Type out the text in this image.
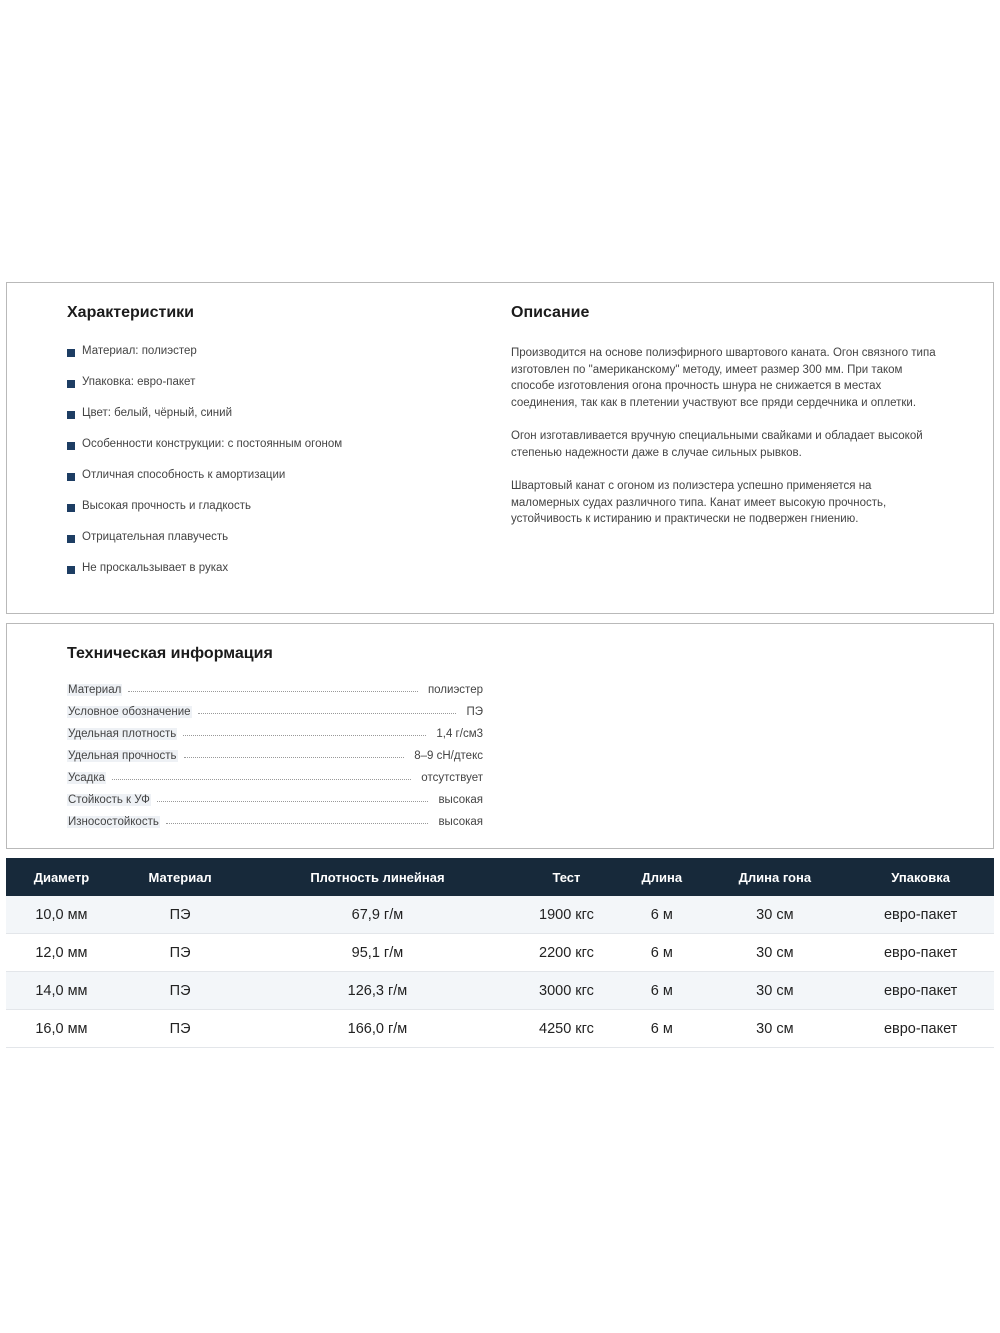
Характеристики
Материал: полиэстер
Упаковка: евро-пакет
Цвет: белый, чёрный, синий
Особенности конструкции: с постоянным огоном
Отличная способность к амортизации
Высокая прочность и гладкость
Отрицательная плавучесть
Не проскальзывает в руках
Описание

Производится на основе полиэфирного швартового каната. Огон связного типа изготовлен по "американскому" методу, имеет размер 300 мм. При таком способе изготовления огона прочность шнура не снижается в местах соединения, так как в плетении участвуют все пряди сердечника и оплетки.

Огон изготавливается вручную специальными свайками и обладает высокой степенью надежности даже в случае сильных рывков.

Швартовый канат с огоном из полиэстера успешно применяется на маломерных судах различного типа. Канат имеет высокую прочность, устойчивость к истиранию и практически не подвержен гниению.

Техническая информация
Материал	полиэстер
Условное обозначение	ПЭ
Удельная плотность	1,4 г/см3
Удельная прочность	8–9 сН/дтекс
Усадка	отсутствует
Стойкость к УФ	высокая
Износостойкость	высокая
Диаметр	Материал	Плотность линейная	Тест	Длина	Длина гона	Упаковка
10,0 мм	ПЭ	67,9 г/м	1900 кгс	6 м	30 см	евро-пакет
12,0 мм	ПЭ	95,1 г/м	2200 кгс	6 м	30 см	евро-пакет
14,0 мм	ПЭ	126,3 г/м	3000 кгс	6 м	30 см	евро-пакет
16,0 мм	ПЭ	166,0 г/м	4250 кгс	6 м	30 см	евро-пакет
